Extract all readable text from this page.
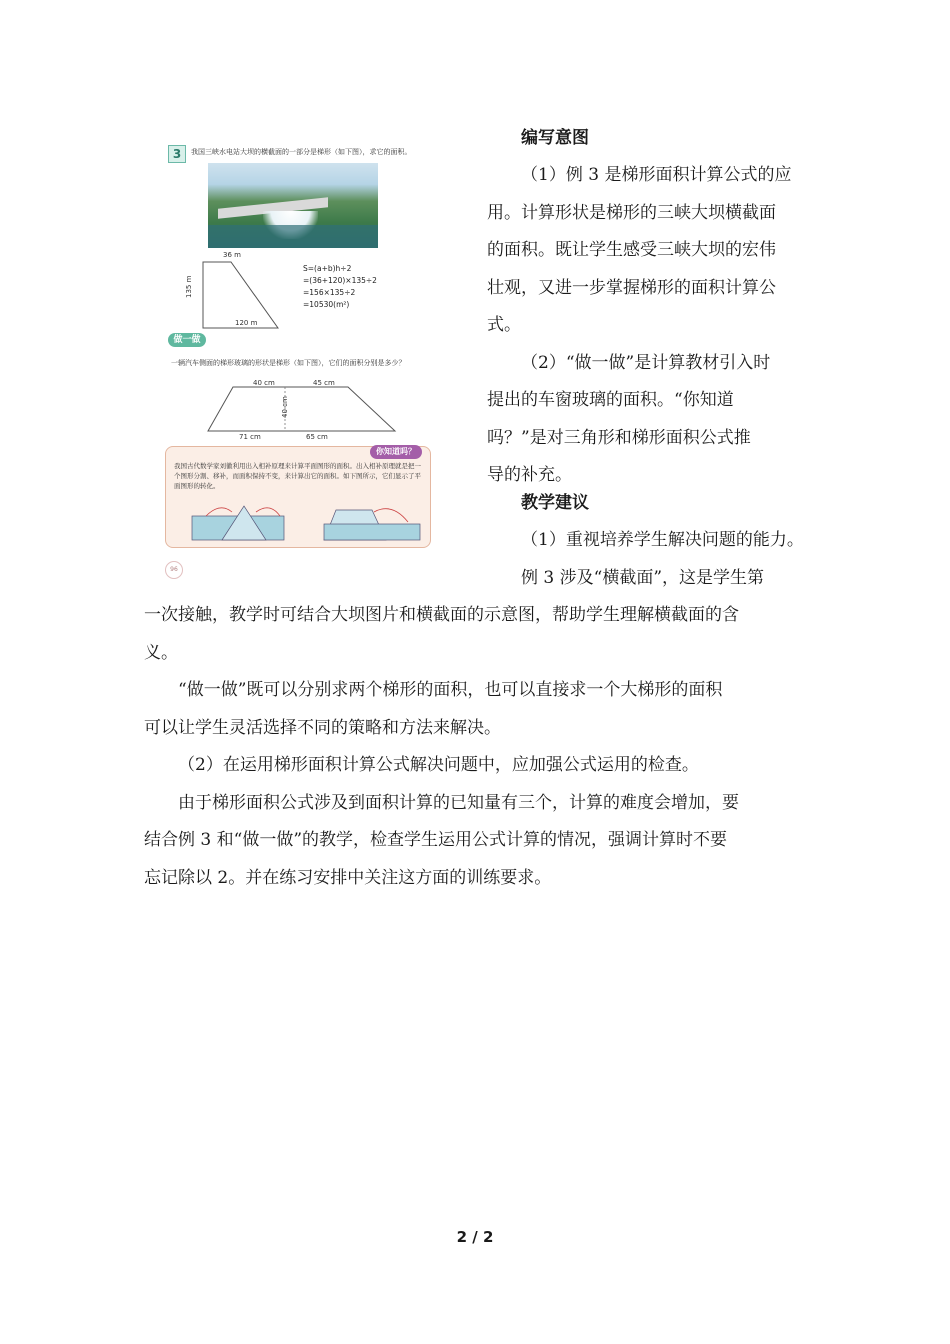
3	我国三峡水电站大坝的横截面的一部分是梯形（如下图），求它的面积。
36 m
135 m
120 m
S=(a+b)h÷2
=(36+120)×135÷2
=156×135÷2
=10530(m²)
做一做
一辆汽车侧面的梯形玻璃的形状是梯形（如下图），它们的面积分别是多少？
40 cm	45 cm
40 cm
71 cm	65 cm
你知道吗？
我国古代数学家刘徽利用出入相补原理来计算平面图形的面积。出入相补原理就是把一个图形分割、移补，而面积保持不变，来计算出它的面积。如下图所示，它们显示了平面图形的转化。
96
编写意图

（1）例 3 是梯形面积计算公式的应

用。计算形状是梯形的三峡大坝横截面

的面积。既让学生感受三峡大坝的宏伟

壮观，又进一步掌握梯形的面积计算公

式。

（2）“做一做”是计算教材引入时

提出的车窗玻璃的面积。“你知道

吗？”是对三角形和梯形面积公式推

导的补充。

教学建议
（1）重视培养学生解决问题的能力。
例 3 涉及“横截面”，这是学生第

一次接触，教学时可结合大坝图片和横截面的示意图，帮助学生理解横截面的含

义。

“做一做”既可以分别求两个梯形的面积，也可以直接求一个大梯形的面积

可以让学生灵活选择不同的策略和方法来解决。

（2）在运用梯形面积计算公式解决问题中，应加强公式运用的检查。

由于梯形面积公式涉及到面积计算的已知量有三个，计算的难度会增加，要

结合例 3 和“做一做”的教学，检查学生运用公式计算的情况，强调计算时不要

忘记除以 2。并在练习安排中关注这方面的训练要求。

2 / 2
